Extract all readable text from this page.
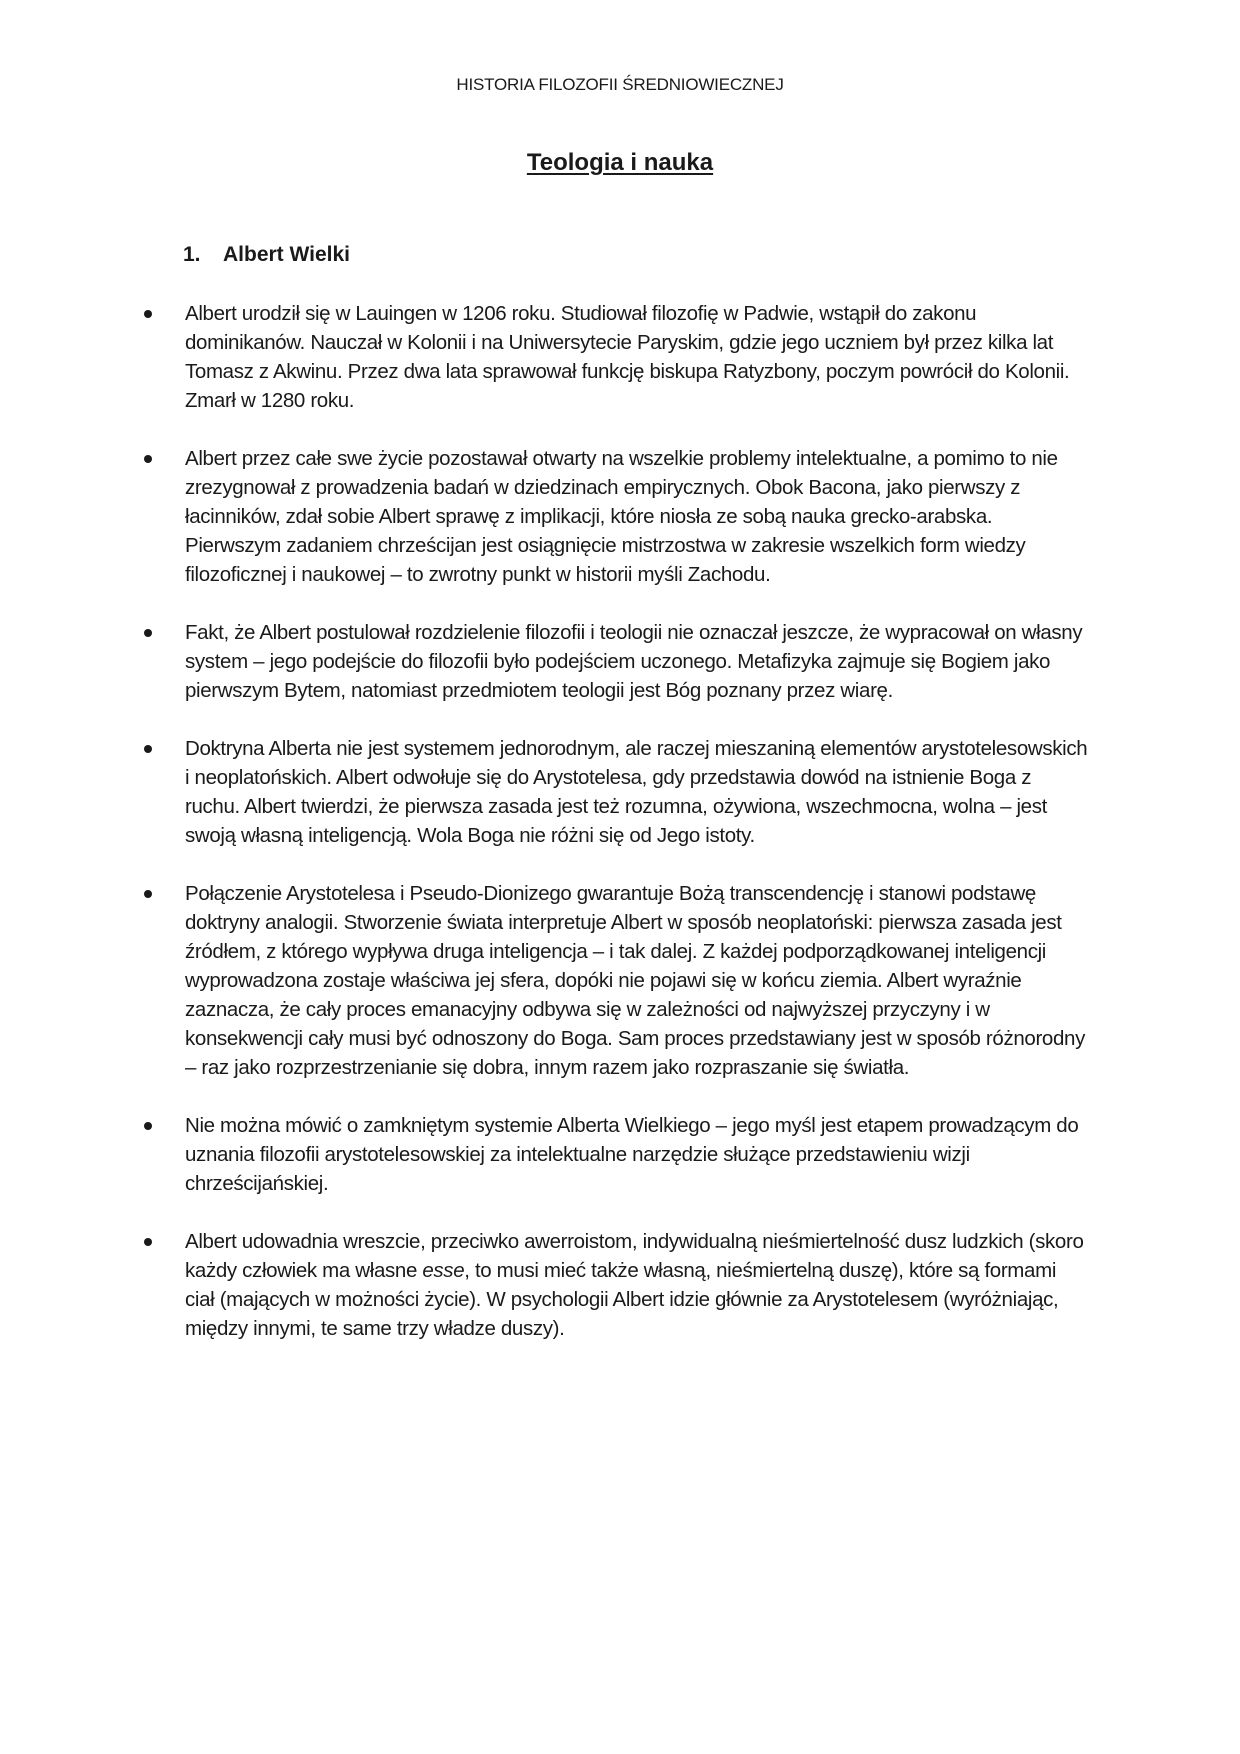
HISTORIA FILOZOFII ŚREDNIOWIECZNEJ
Teologia i nauka
1.	Albert Wielki
Albert urodził się w Lauingen w 1206 roku. Studiował filozofię w Padwie, wstąpił do zakonu dominikanów. Nauczał w Kolonii i na Uniwersytecie Paryskim, gdzie jego uczniem był przez kilka lat Tomasz z Akwinu. Przez dwa lata sprawował funkcję biskupa Ratyzbony, poczym powrócił do Kolonii. Zmarł w 1280 roku.
Albert przez całe swe życie pozostawał otwarty na wszelkie problemy intelektualne, a pomimo to nie zrezygnował z prowadzenia badań w dziedzinach empirycznych. Obok Bacona, jako pierwszy z łacinników, zdał sobie Albert sprawę z implikacji, które niosła ze sobą nauka grecko-arabska. Pierwszym zadaniem chrześcijan jest osiągnięcie mistrzostwa w zakresie wszelkich form wiedzy filozoficznej i naukowej – to zwrotny punkt w historii myśli Zachodu.
Fakt, że Albert postulował rozdzielenie filozofii i teologii nie oznaczał jeszcze, że wypracował on własny system – jego podejście do filozofii było podejściem uczonego. Metafizyka zajmuje się Bogiem jako pierwszym Bytem, natomiast przedmiotem teologii jest Bóg poznany przez wiarę.
Doktryna Alberta nie jest systemem jednorodnym, ale raczej mieszaniną elementów arystotelesowskich i neoplatońskich. Albert odwołuje się do Arystotelesa, gdy przedstawia dowód na istnienie Boga z ruchu. Albert twierdzi, że pierwsza zasada jest też rozumna, ożywiona, wszechmocna, wolna – jest swoją własną inteligencją. Wola Boga nie różni się od Jego istoty.
Połączenie Arystotelesa i Pseudo-Dionizego gwarantuje Bożą transcendencję i stanowi podstawę doktryny analogii. Stworzenie świata interpretuje Albert w sposób neoplatoński: pierwsza zasada jest źródłem, z którego wypływa druga inteligencja – i tak dalej. Z każdej podporządkowanej inteligencji wyprowadzona zostaje właściwa jej sfera, dopóki nie pojawi się w końcu ziemia. Albert wyraźnie zaznacza, że cały proces emanacyjny odbywa się w zależności od najwyższej przyczyny i w konsekwencji cały musi być odnoszony do Boga. Sam proces przedstawiany jest w sposób różnorodny – raz jako rozprzestrzenianie się dobra, innym razem jako rozpraszanie się światła.
Nie można mówić o zamkniętym systemie Alberta Wielkiego – jego myśl jest etapem prowadzącym do uznania filozofii arystotelesowskiej za intelektualne narzędzie służące przedstawieniu wizji chrześcijańskiej.
Albert udowadnia wreszcie, przeciwko awerroistom, indywidualną nieśmiertelność dusz ludzkich (skoro każdy człowiek ma własne esse, to musi mieć także własną, nieśmiertelną duszę), które są formami ciał (mających w możności życie). W psychologii Albert idzie głównie za Arystotelesem (wyróżniając, między innymi, te same trzy władze duszy).
